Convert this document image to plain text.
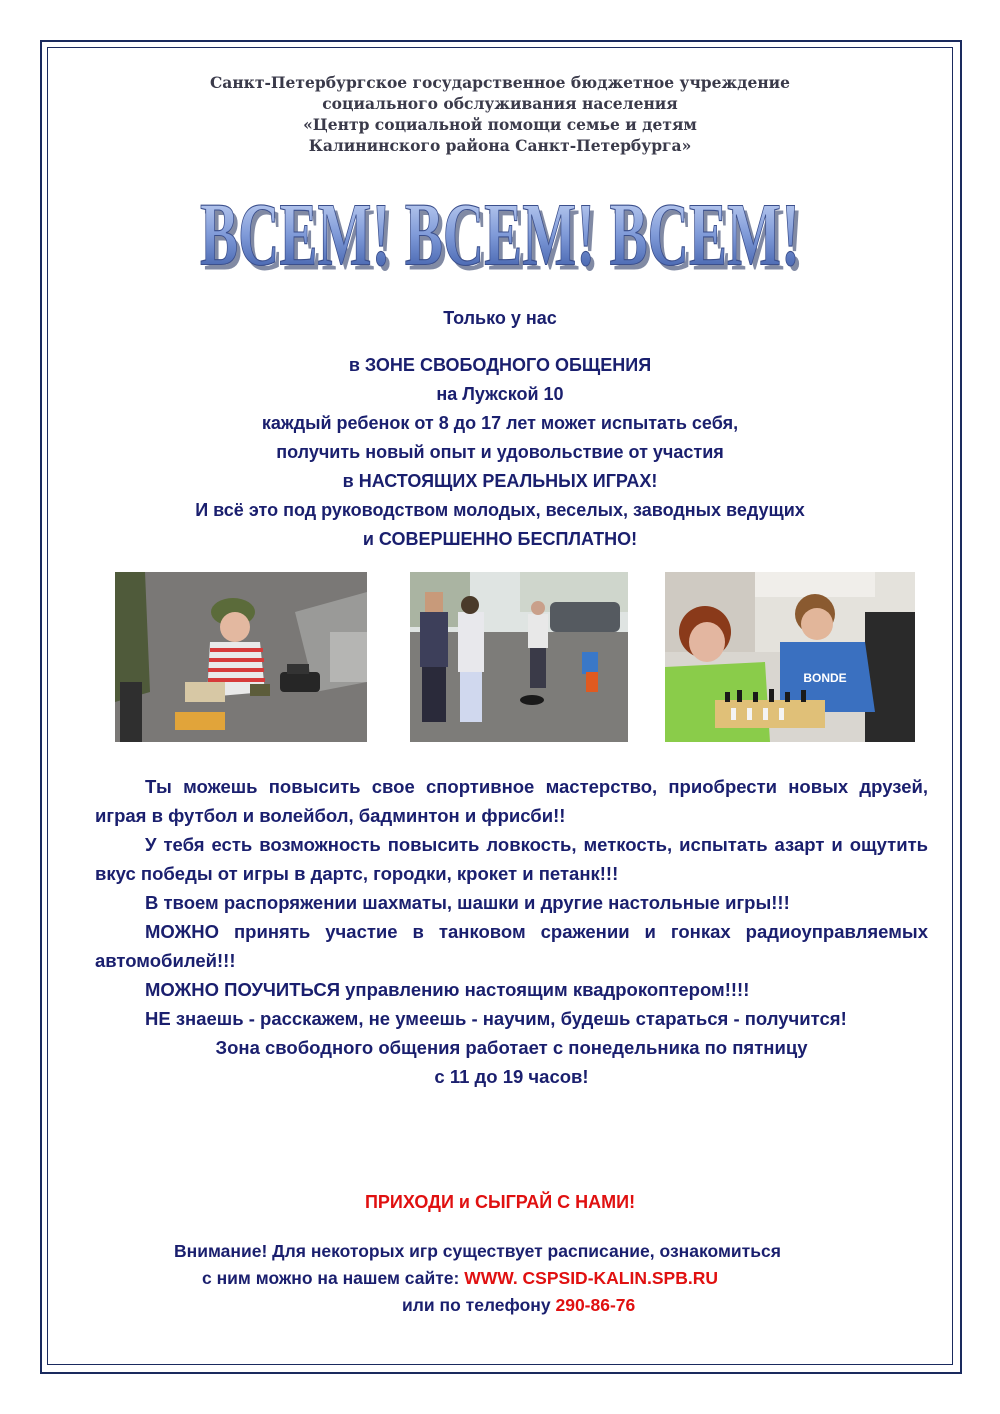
Санкт-Петербургское государственное бюджетное учреждение
социального обслуживания населения
«Центр социальной помощи семье и детям
Калининского района Санкт-Петербурга»
ВСЕМ! ВСЕМ! ВСЕМ!
ВСЕМ! ВСЕМ! ВСЕМ!
Только у нас
в ЗОНЕ СВОБОДНОГО ОБЩЕНИЯ
на Лужской 10
каждый ребенок от 8 до 17 лет может испытать себя,
получить новый опыт и удовольствие от участия
в НАСТОЯЩИХ РЕАЛЬНЫХ ИГРАХ!
И всё это под руководством молодых, веселых, заводных ведущих
и СОВЕРШЕННО БЕСПЛАТНО!
BONDE

Ты можешь повысить свое спортивное мастерство, приобрести новых друзей, играя в футбол и волейбол, бадминтон и фрисби!!

У тебя есть возможность повысить ловкость, меткость, испытать азарт и ощутить вкус победы от игры в дартс, городки, крокет и петанк!!!

В твоем распоряжении шахматы, шашки и другие настольные игры!!!

МОЖНО принять участие в танковом сражении и гонках радиоуправляемых автомобилей!!!

МОЖНО ПОУЧИТЬСЯ управлению настоящим квадрокоптером!!!!

НЕ знаешь - расскажем, не умеешь - научим, будешь стараться - получится!

Зона свободного общения работает с понедельника по пятницу

с 11 до 19 часов!

ПРИХОДИ и СЫГРАЙ С НАМИ!
Внимание! Для некоторых игр существует расписание, ознакомиться
с ним можно на нашем сайте: WWW. CSPSID-KALIN.SPB.RU
или по телефону 290-86-76
